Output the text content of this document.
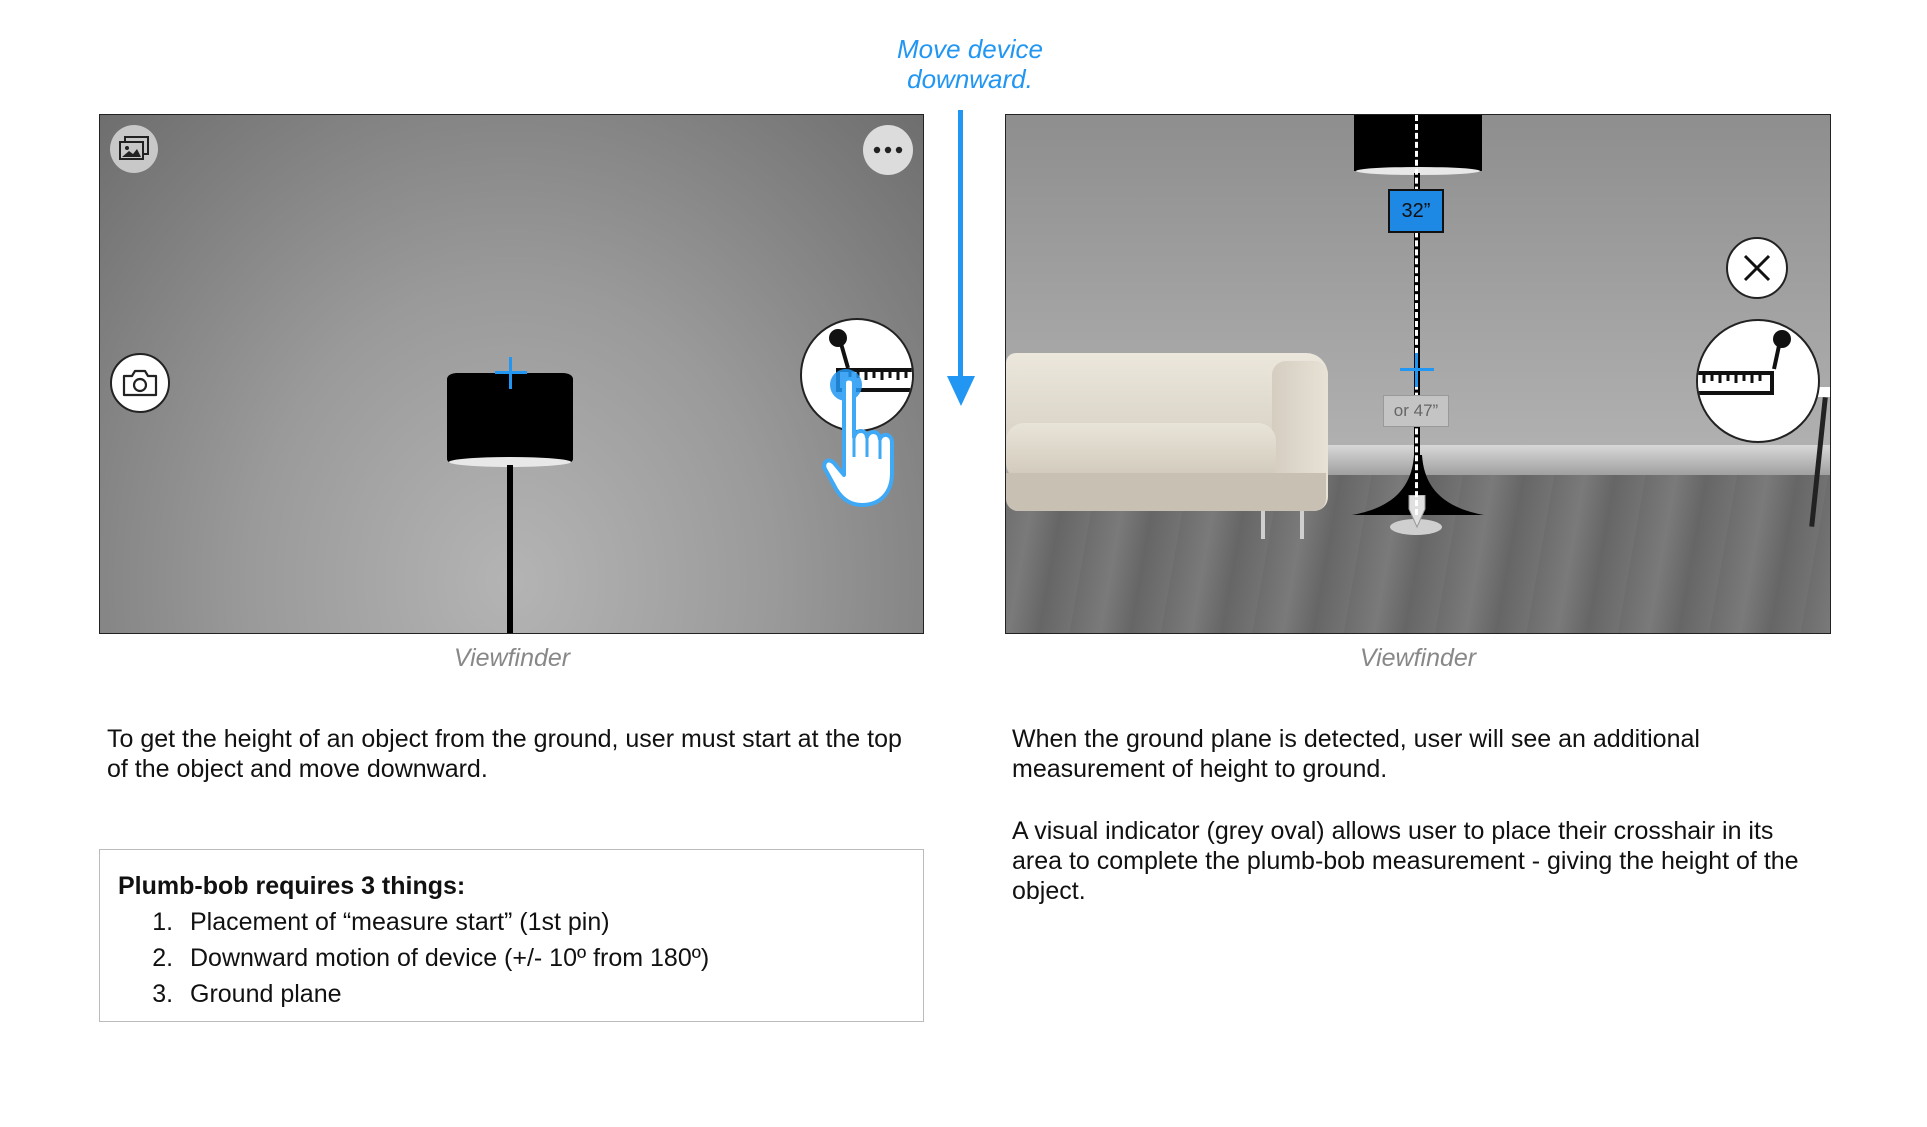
Move device
downward.
Viewfinder
32”
or 47”
Viewfinder
To get the height of an object from the ground, user must start at the top of the object and move downward.
When the ground plane is detected, user will see an additional measurement of height to ground.
A visual indicator (grey oval) allows user to place their crosshair in its area to complete the plumb-bob measurement - giving the height of the object.
Plumb-bob requires 3 things:
1. Placement of “measure start” (1st pin)
2. Downward motion of device (+/- 10º from 180º)
3. Ground plane
